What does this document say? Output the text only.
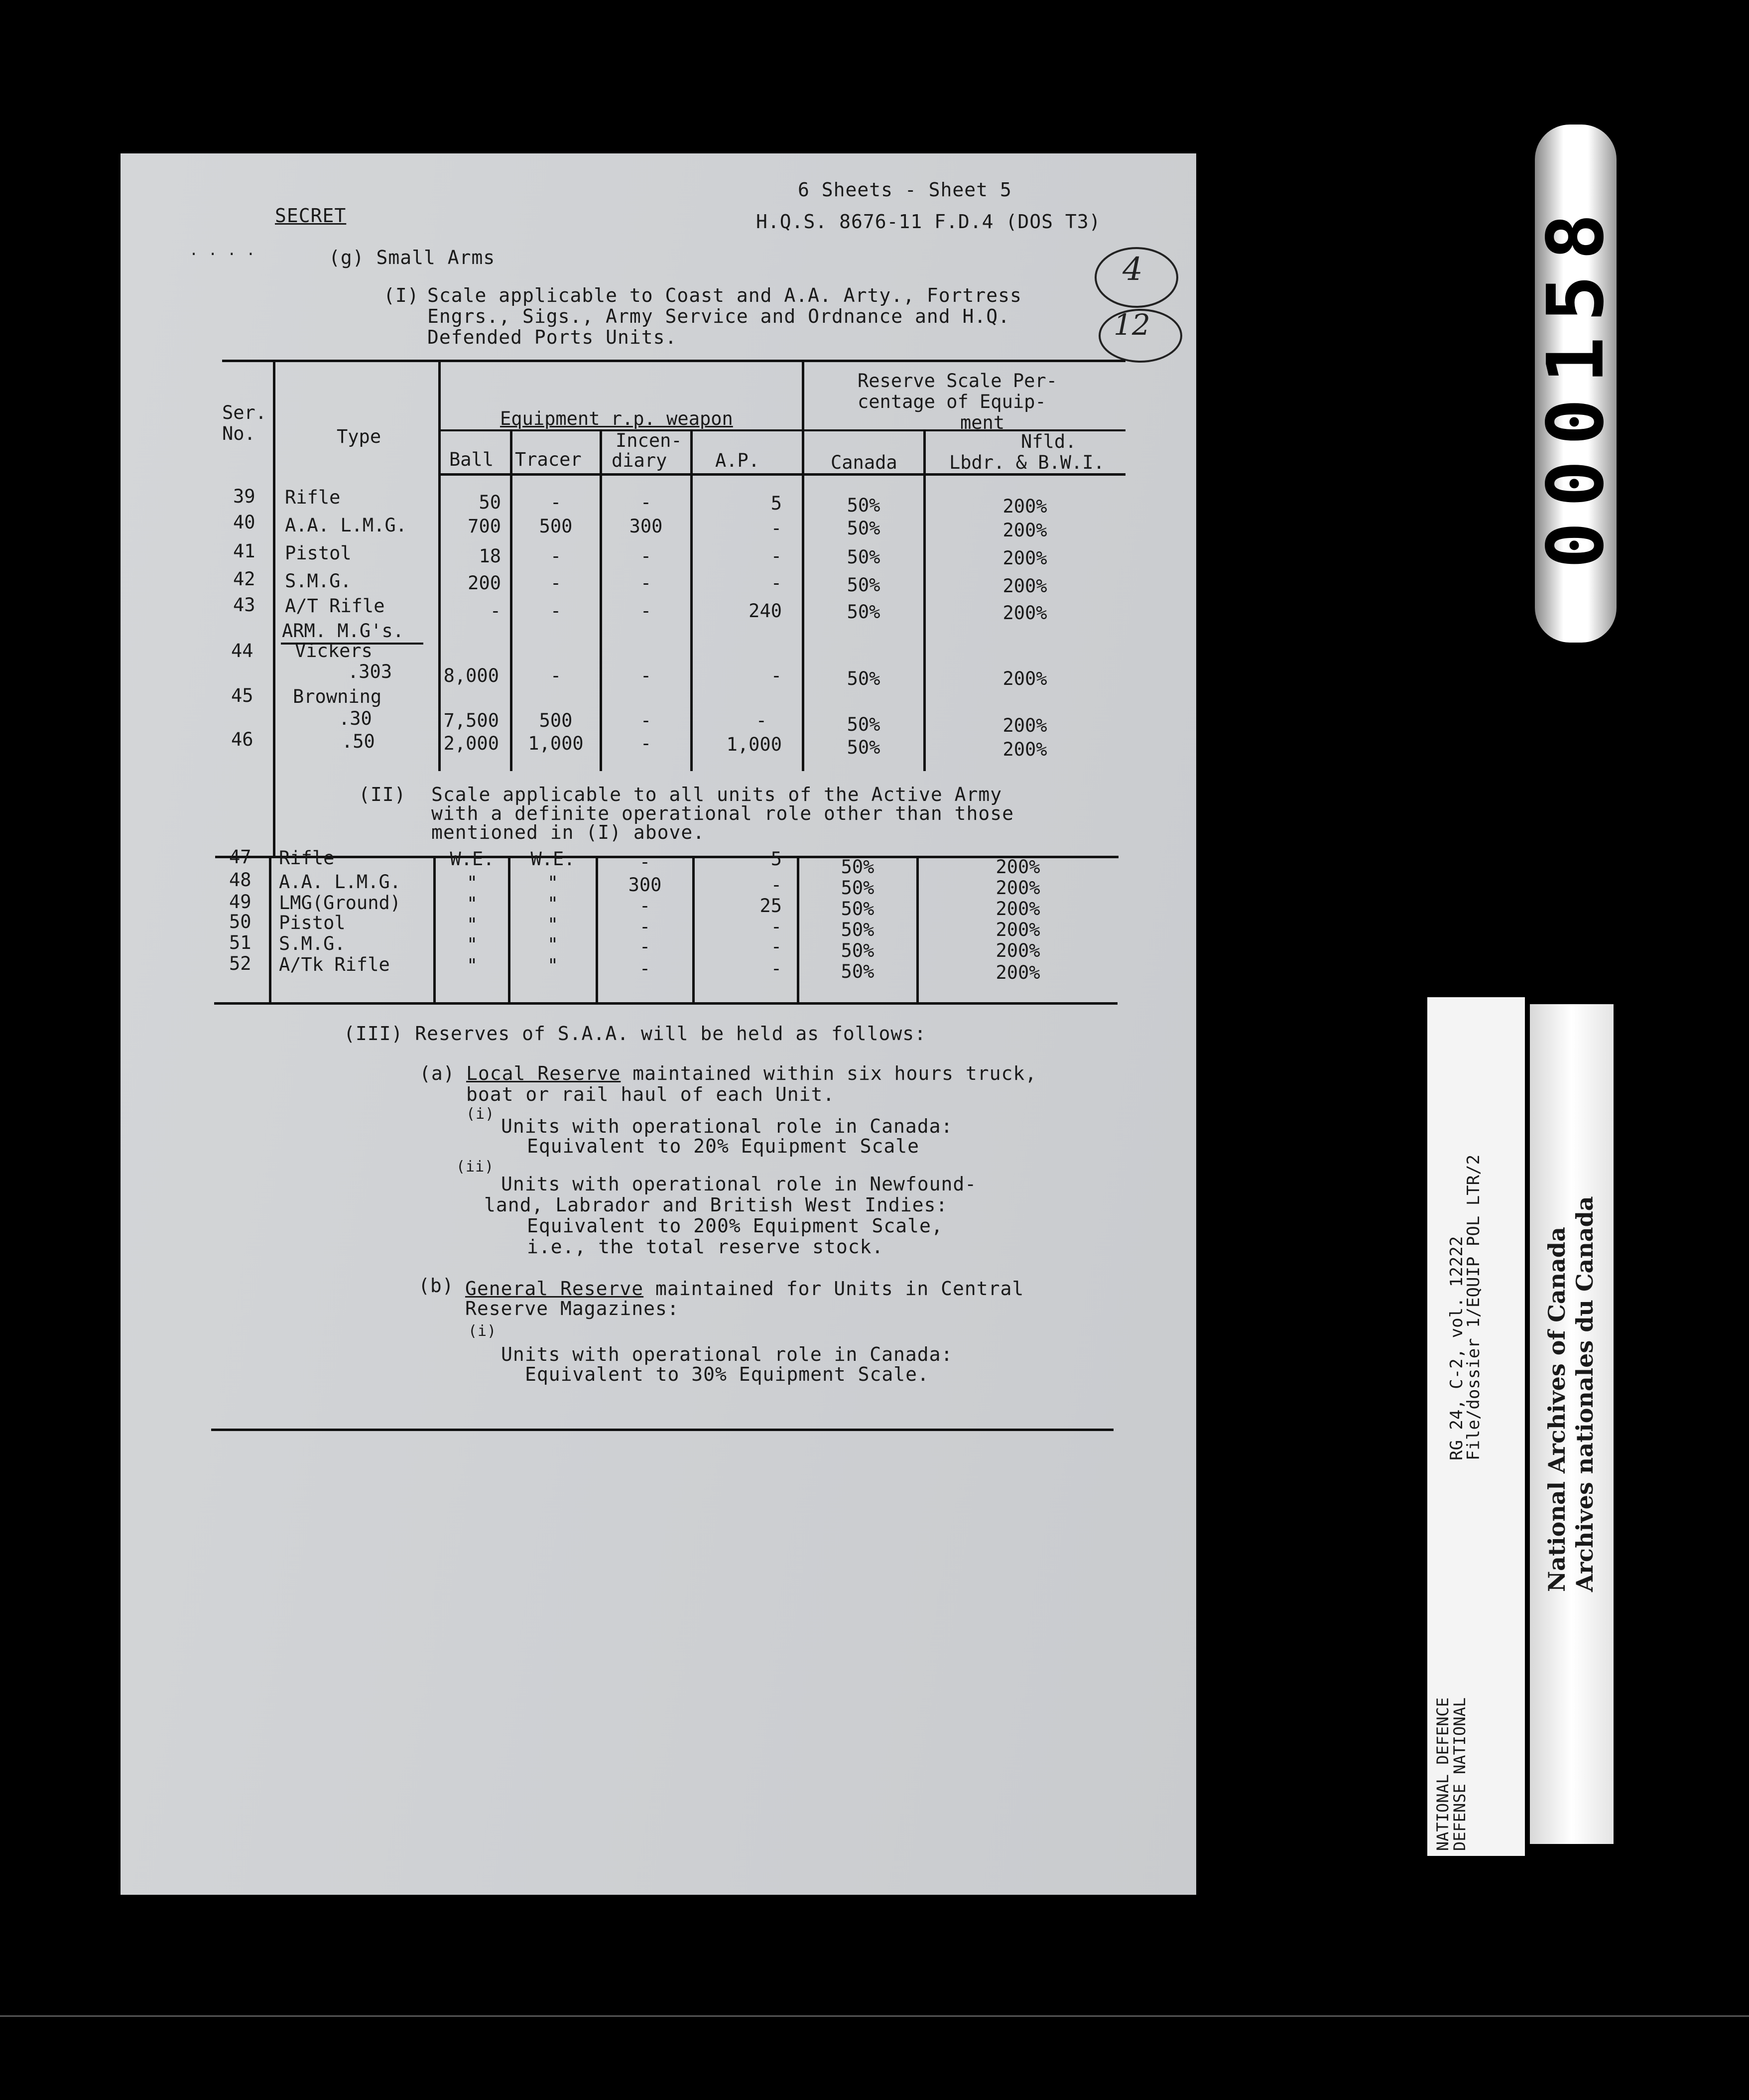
6 Sheets - Sheet 5
SECRET	H.Q.S. 8676-11 F.D.4 (DOS T3)
. . . .	(g) Small Arms	4
12
(I) Scale applicable to Coast and A.A. Arty., Fortress
Engrs., Sigs., Army Service and Ordnance and H.Q.
Defended Ports Units.
Ser.
No.	Type
Equipment r.p. weapon
Reserve Scale Per-
centage of Equip-
ment
Ball Tracer
Incen-
diary	A.P.	Canada
Nfld.
Lbdr. & B.W.I.
39 Rifle	50	-	-	5	50%	200%
40 A.A. L.M.G.	700	500	300	-	50%	200%
41 Pistol	18	-	-	-	50%	200%
42 S.M.G.	200	-	-	-	50%	200%
43 A/T Rifle	-	-	-	240	50%	200%
ARM. M.G's.
44 Vickers
.303	8,000	-	-	-	50%	200%
45 Browning
.30	7,500	500	-	-	50%	200%
46	.50	2,000	1,000	-	1,000	50%	200%
(II) Scale applicable to all units of the Active Army
with a definite operational role other than those
mentioned in (I) above.
47 Rifle	W.E.	W.E.	-	5	50%	200%
48 A.A. L.M.G.	"	"	300	-	50%	200%
49 LMG(Ground)	"	"	-	25	50%	200%
50 Pistol	"	"	-	-	50%	200%
51 S.M.G.	"	"	-	-	50%	200%
52 A/Tk Rifle	"	"	-	-	50%	200%
(III) Reserves of S.A.A. will be held as follows:
(a) Local Reserve maintained within six hours truck,
boat or rail haul of each Unit.
(i)
Units with operational role in Canada:
Equivalent to 20% Equipment Scale
(ii)
Units with operational role in Newfound-
land, Labrador and British West Indies:
Equivalent to 200% Equipment Scale,
i.e., the total reserve stock.
(b) General Reserve maintained for Units in Central
Reserve Magazines:
(i)
Units with operational role in Canada:
Equivalent to 30% Equipment Scale.
000158
NATIONAL DEFENCE
DEFENSE NATIONAL
RG 24, C-2, vol. 12222
File/dossier 1/EQUIP POL LTR/2	National Archives of Canada Archives nationales du Canada
